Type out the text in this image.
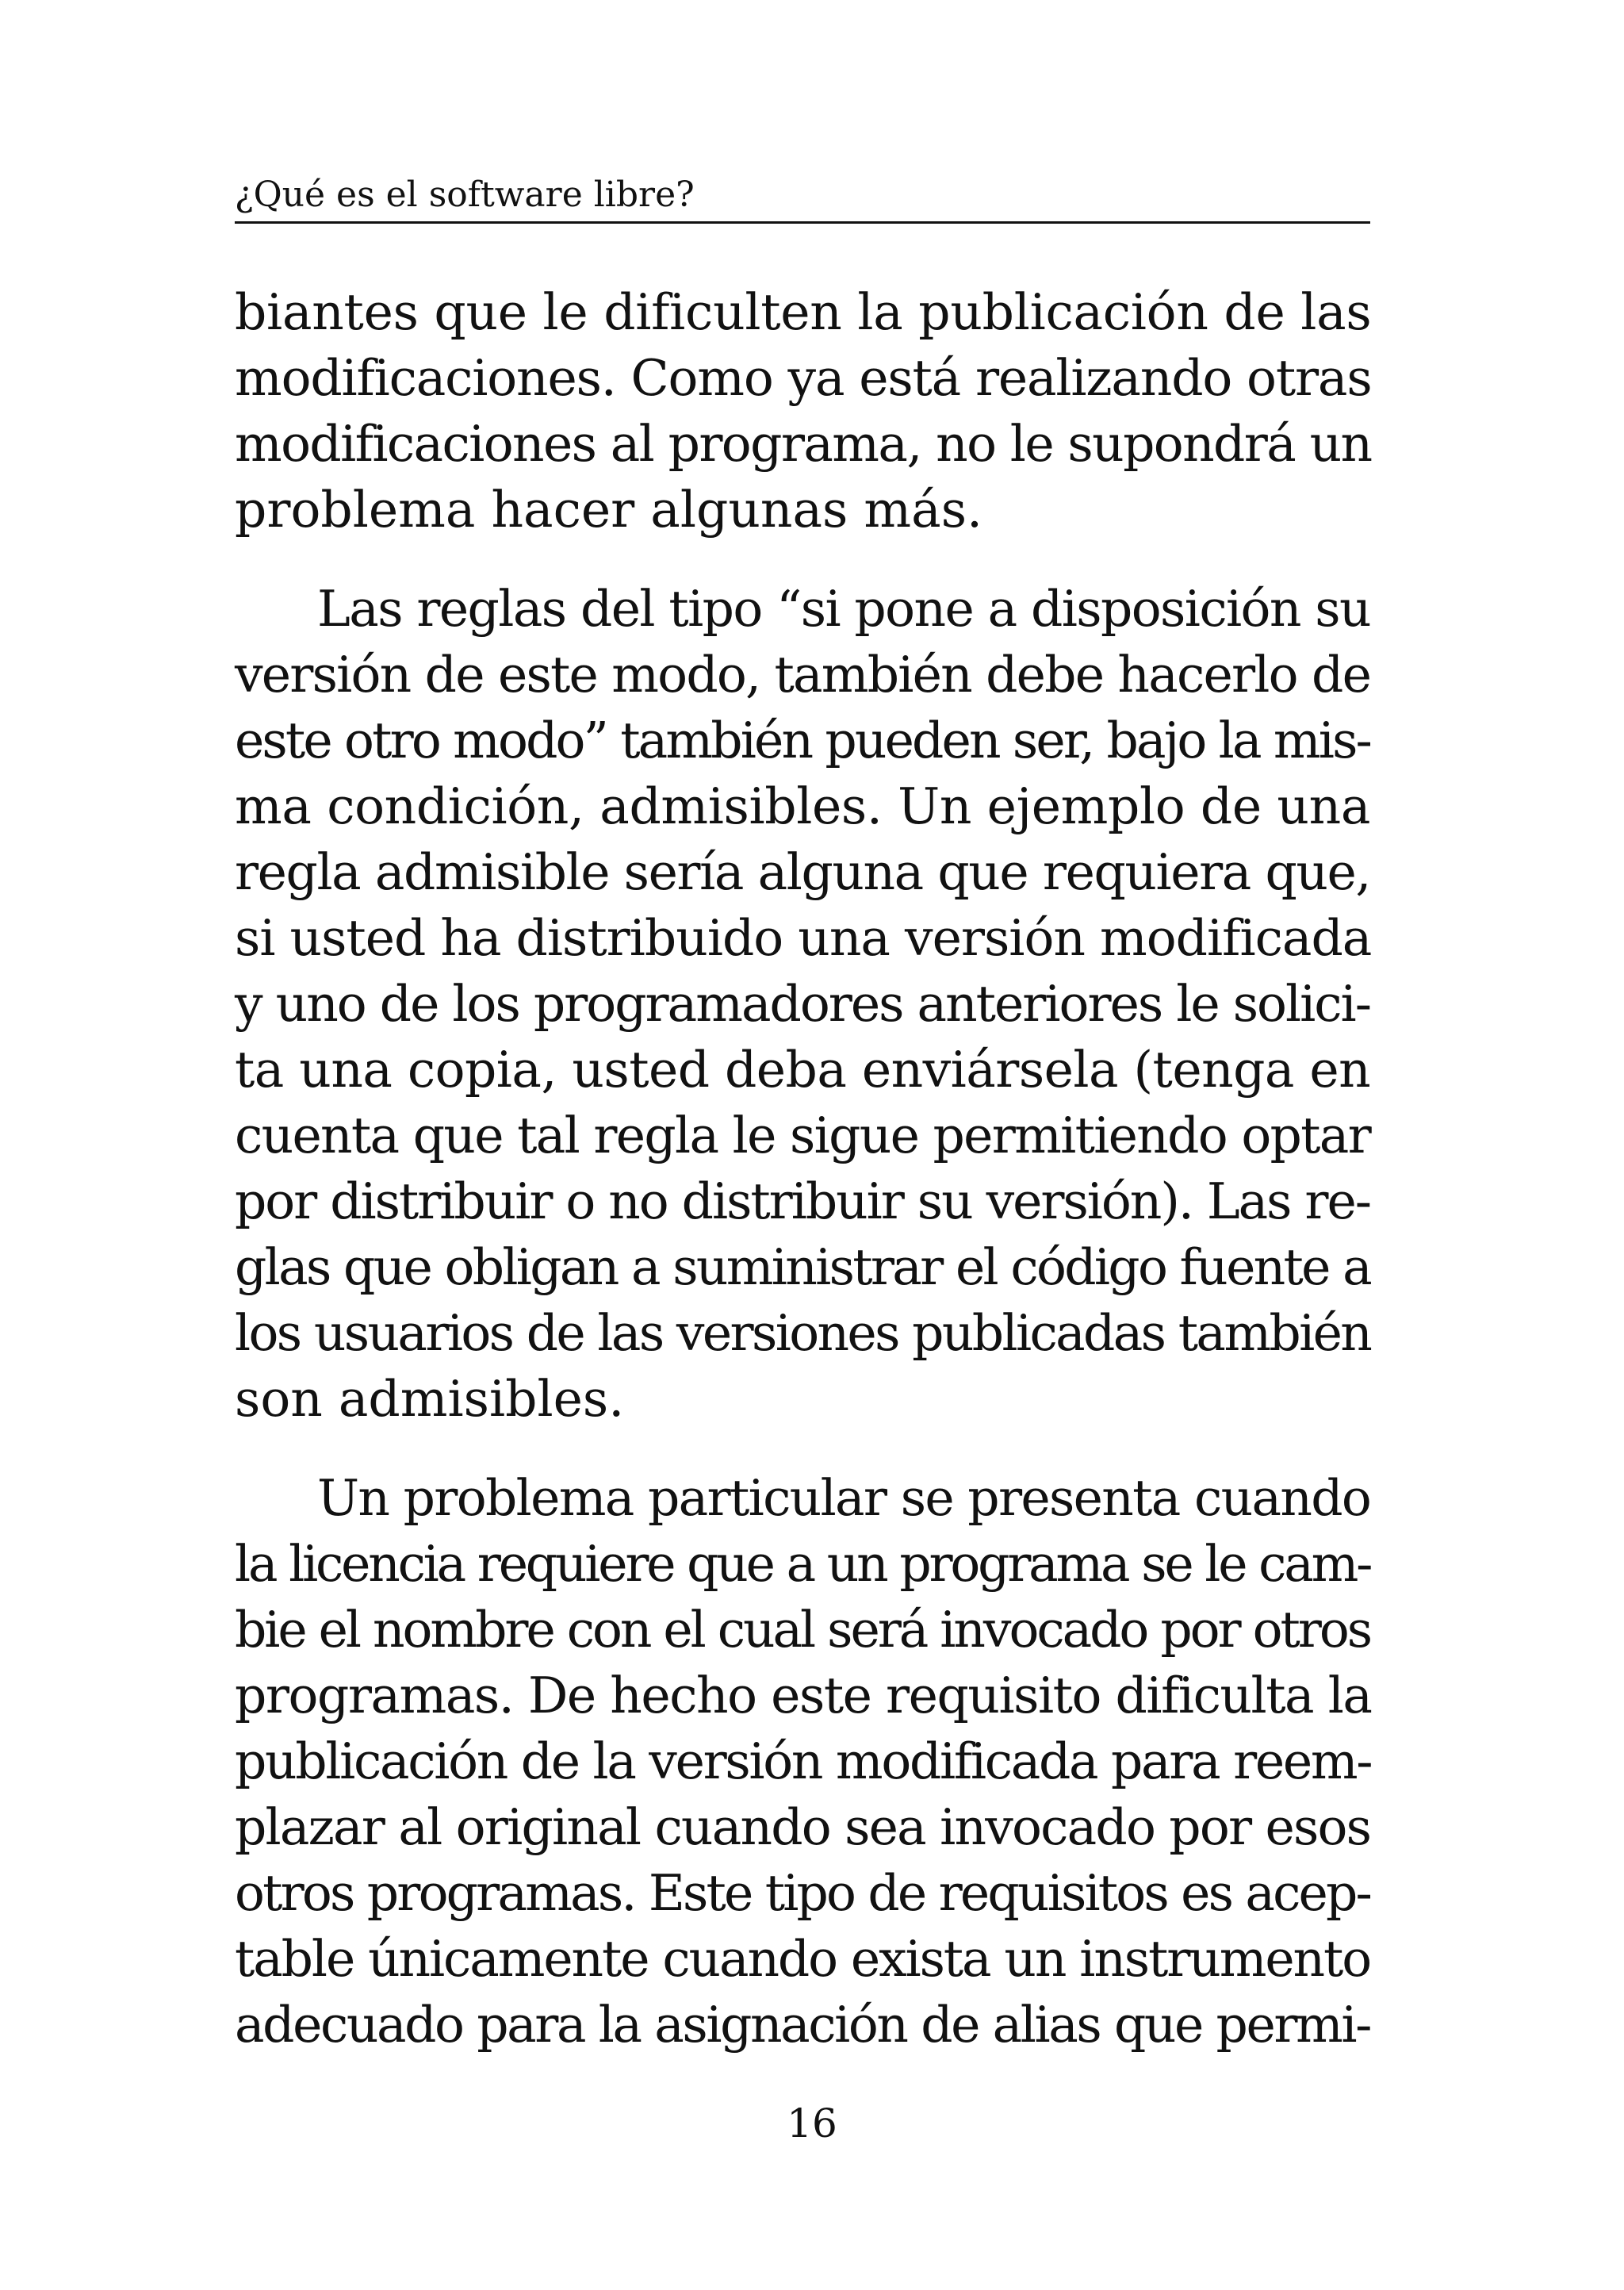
¿Qué es el software libre?

biantes que le dificulten la publicación de las
modificaciones. Como ya está realizando otras
modificaciones al programa, no le supondrá un
problema hacer algunas más.

Las reglas del tipo “si pone a disposición su
versión de este modo, también debe hacerlo de
este otro modo” también pueden ser, bajo la mis-
ma condición, admisibles. Un ejemplo de una
regla admisible sería alguna que requiera que,
si usted ha distribuido una versión modificada
y uno de los programadores anteriores le solici-
ta una copia, usted deba enviársela (tenga en
cuenta que tal regla le sigue permitiendo optar
por distribuir o no distribuir su versión). Las re-
glas que obligan a suministrar el código fuente a
los usuarios de las versiones publicadas también
son admisibles.

Un problema particular se presenta cuando
la licencia requiere que a un programa se le cam-
bie el nombre con el cual será invocado por otros
programas. De hecho este requisito dificulta la
publicación de la versión modificada para reem-
plazar al original cuando sea invocado por esos
otros programas. Este tipo de requisitos es acep-
table únicamente cuando exista un instrumento
adecuado para la asignación de alias que permi-

16
